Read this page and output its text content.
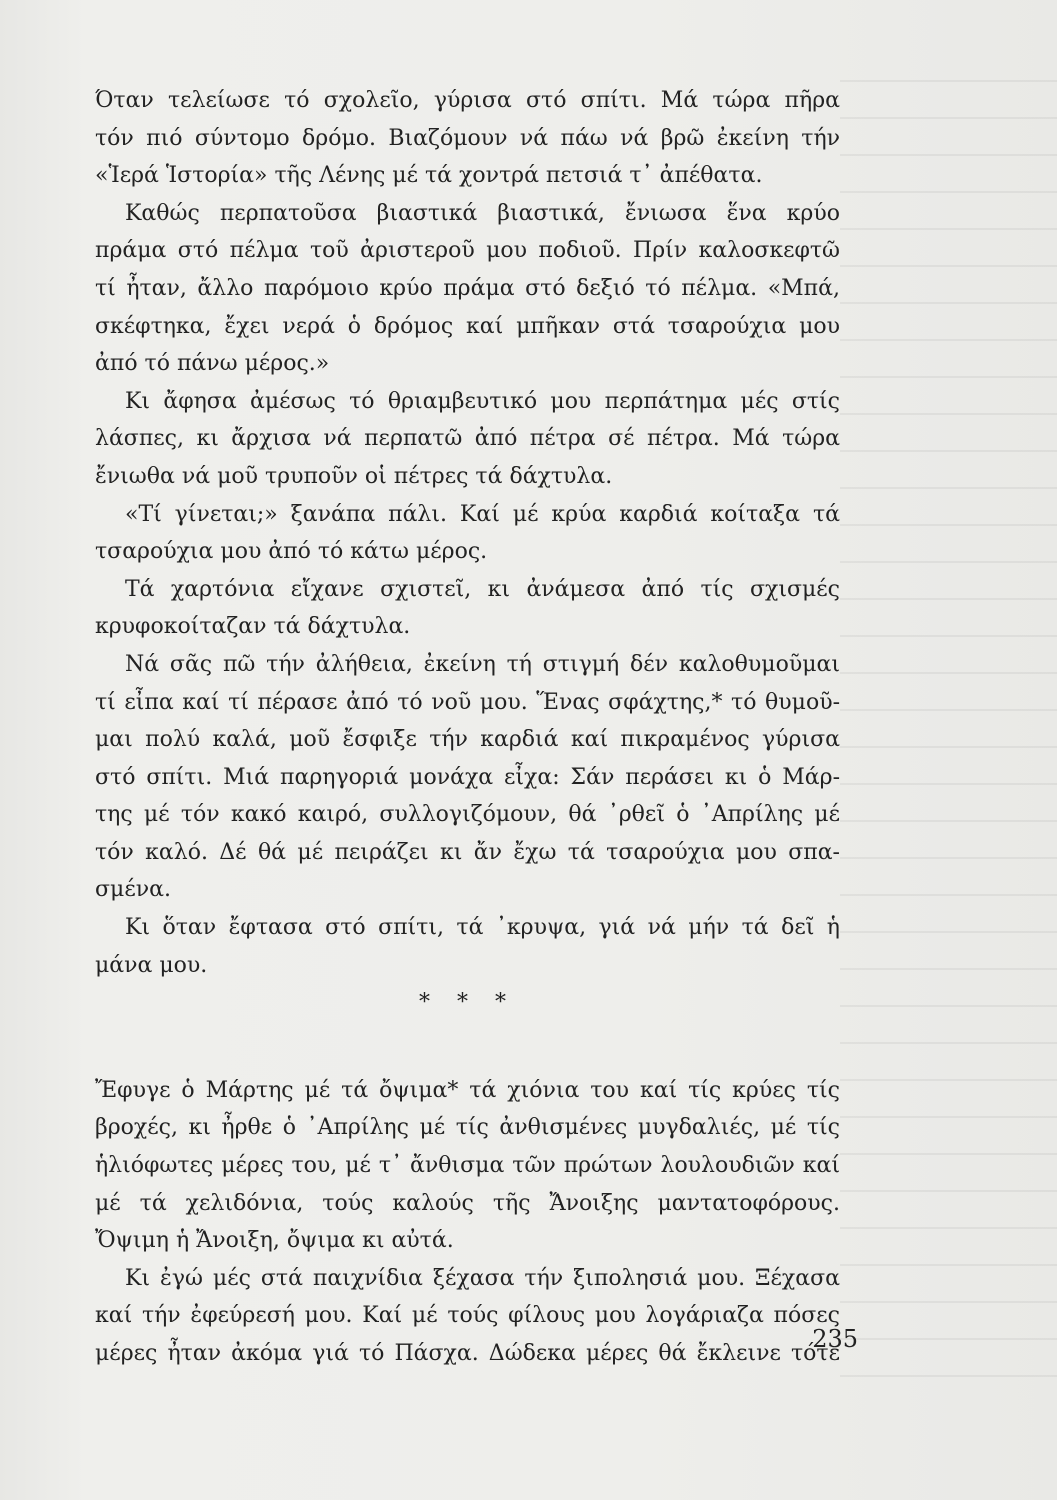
Όταν τελείωσε τό σχολεῖο, γύρισα στό σπίτι. Μά τώρα πῆρα
τόν πιό σύντομο δρόμο. Βιαζόμουν νά πάω νά βρῶ ἐκείνη τήν
«Ἱερά Ἱστορία» τῆς Λένης μέ τά χοντρά πετσιά τ᾿ ἀπέθατα.
Καθώς περπατοῦσα βιαστικά βιαστικά, ἔνιωσα ἕνα κρύο
πράμα στό πέλμα τοῦ ἀριστεροῦ μου ποδιοῦ. Πρίν καλοσκεφτῶ
τί ἦταν, ἄλλο παρόμοιο κρύο πράμα στό δεξιό τό πέλμα. «Μπά,
σκέφτηκα, ἔχει νερά ὁ δρόμος καί μπῆκαν στά τσαρούχια μου
ἀπό τό πάνω μέρος.»
Κι ἄφησα ἀμέσως τό θριαμβευτικό μου περπάτημα μές στίς
λάσπες, κι ἄρχισα νά περπατῶ ἀπό πέτρα σέ πέτρα. Μά τώρα
ἔνιωθα νά μοῦ τρυποῦν οἱ πέτρες τά δάχτυλα.
«Τί γίνεται;» ξανάπα πάλι. Καί μέ κρύα καρδιά κοίταξα τά
τσαρούχια μου ἀπό τό κάτω μέρος.
Τά χαρτόνια εἴχανε σχιστεῖ, κι ἀνάμεσα ἀπό τίς σχισμές
κρυφοκοίταζαν τά δάχτυλα.
Νά σᾶς πῶ τήν ἀλήθεια, ἐκείνη τή στιγμή δέν καλοθυμοῦμαι
τί εἶπα καί τί πέρασε ἀπό τό νοῦ μου. Ἕνας σφάχτης,* τό θυμοῦ-
μαι πολύ καλά, μοῦ ἔσφιξε τήν καρδιά καί πικραμένος γύρισα
στό σπίτι. Μιά παρηγοριά μονάχα εἶχα: Σάν περάσει κι ὁ Μάρ-
της μέ τόν κακό καιρό, συλλογιζόμουν, θά ᾿ρθεῖ ὁ ᾿Απρίλης μέ
τόν καλό. Δέ θά μέ πειράζει κι ἄν ἔχω τά τσαρούχια μου σπα-
σμένα.
Κι ὅταν ἔφτασα στό σπίτι, τά ᾿κρυψα, γιά νά μήν τά δεῖ ἡ
μάνα μου.
* * *
Ἔφυγε ὁ Μάρτης μέ τά ὄψιμα* τά χιόνια του καί τίς κρύες τίς
βροχές, κι ἦρθε ὁ ᾿Απρίλης μέ τίς ἀνθισμένες μυγδαλιές, μέ τίς
ἡλιόφωτες μέρες του, μέ τ᾿ ἄνθισμα τῶν πρώτων λουλουδιῶν καί
μέ τά χελιδόνια, τούς καλούς τῆς Ἄνοιξης μαντατοφόρους.
Ὄψιμη ἡ Ἄνοιξη, ὄψιμα κι αὐτά.
Κι ἐγώ μές στά παιχνίδια ξέχασα τήν ξιπολησιά μου. Ξέχασα
καί τήν ἐφεύρεσή μου. Καί μέ τούς φίλους μου λογάριαζα πόσες
μέρες ἦταν ἀκόμα γιά τό Πάσχα. Δώδεκα μέρες θά ἔκλεινε τότε
235
